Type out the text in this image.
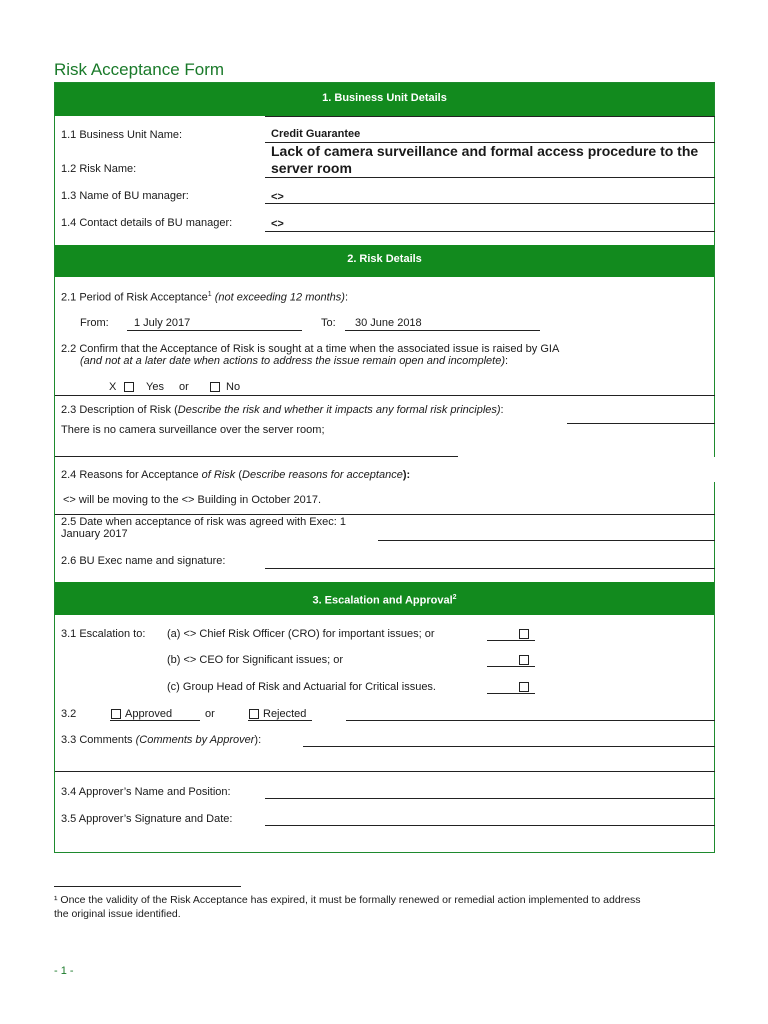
Risk Acceptance Form
1. Business Unit Details
1.1 Business Unit Name:	Credit Guarantee
1.2 Risk Name:
Lack of camera surveillance and formal access procedure to the server room
1.3 Name of BU manager:	<>
1.4 Contact details of BU manager:	<>
2. Risk Details
2.1 Period of Risk Acceptance$^1$ (not exceeding 12 months):
From: 1 July 2017	To: 30 June 2018
2.2 Confirm that the Acceptance of Risk is sought at a time when the associated issue is raised by GIA
(and not at a later date when actions to address the issue remain open and incomplete):
X	Yes or	No
2.3 Description of Risk (Describe the risk and whether it impacts any formal risk principles):
There is no camera surveillance over the server room;
2.4 Reasons for Acceptance of Risk (Describe reasons for acceptance):
<> will be moving to the <> Building in October 2017.
2.5 Date when acceptance of risk was agreed with Exec: 1
January 2017
2.6 BU Exec name and signature:
3. Escalation and Approval$^2$
3.1 Escalation to: (a) <> Chief Risk Officer (CRO) for important issues; or
(b) <> CEO for Significant issues; or
(c) Group Head of Risk and Actuarial for Critical issues.
3.2	Approved	or	Rejected
3.3 Comments (Comments by Approver):
3.4 Approver’s Name and Position:
3.5 Approver’s Signature and Date:
¹ Once the validity of the Risk Acceptance has expired, it must be formally renewed or remedial action implemented to address
the original issue identified.
- 1 -
